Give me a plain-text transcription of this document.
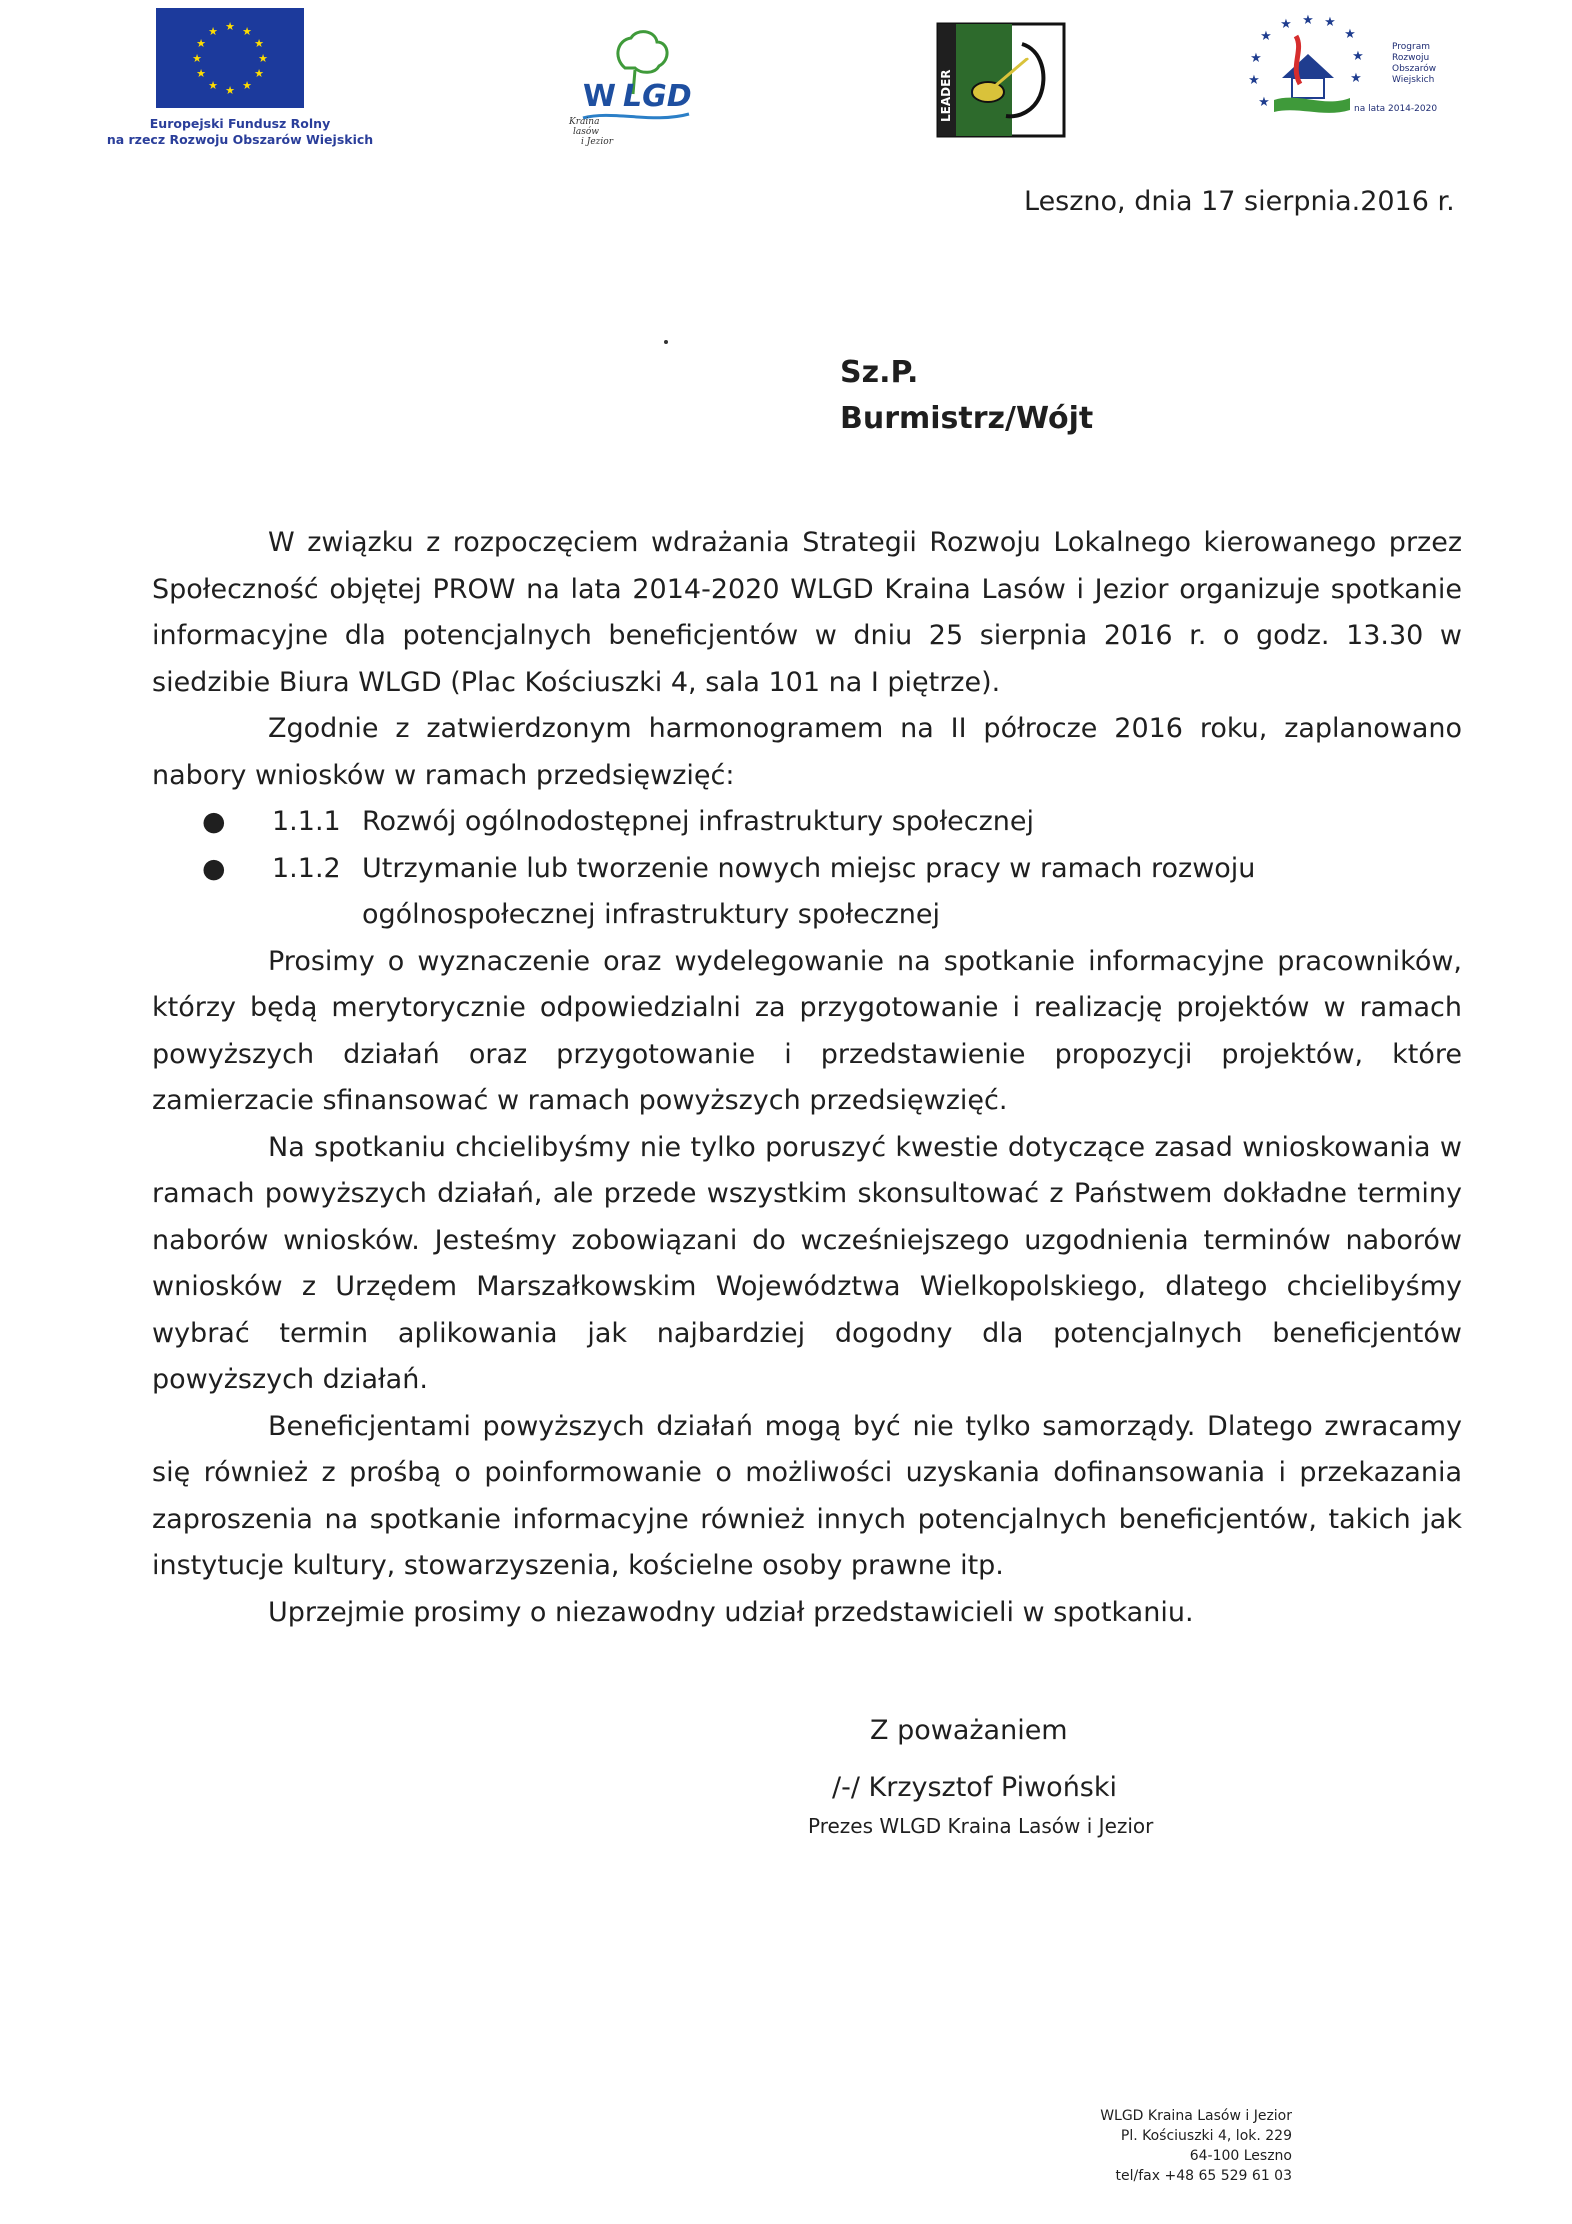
★ ★
★
★
★
★
★
★
★
★
★
★
Europejski Fundusz Rolny
na rzecz Rozwoju Obszarów Wiejskich
W LGD
Kraina
lasów
i Jezior
LEADER
★
★ ★ ★
★
★
★
★
★
★
Program
Rozwoju
Obszarów
Wiejskich
na lata 2014-2020
Leszno, dnia 17 sierpnia.2016 r.
Sz.P.
Burmistrz/Wójt

W związku z rozpoczęciem wdrażania Strategii Rozwoju Lokalnego kierowanego przez Społeczność objętej PROW na lata 2014-2020 WLGD Kraina Lasów i Jezior organizuje spotkanie informacyjne dla potencjalnych beneficjentów w dniu 25 sierpnia 2016 r. o godz. 13.30 w siedzibie Biura WLGD (Plac Kościuszki 4, sala 101 na I piętrze).

Zgodnie z zatwierdzonym harmonogramem na II półrocze 2016 roku, zaplanowano nabory wniosków w ramach przedsięwzięć:

● 1.1.1 Rozwój ogólnodostępnej infrastruktury społecznej
● 1.1.2 Utrzymanie lub tworzenie nowych miejsc pracy w ramach rozwoju
ogólnospołecznej infrastruktury społecznej

Prosimy o wyznaczenie oraz wydelegowanie na spotkanie informacyjne pracowników, którzy będą merytorycznie odpowiedzialni za przygotowanie i realizację projektów w ramach powyższych działań oraz przygotowanie i przedstawienie propozycji projektów, które zamierzacie sfinansować w ramach powyższych przedsięwzięć.

Na spotkaniu chcielibyśmy nie tylko poruszyć kwestie dotyczące zasad wnioskowania w ramach powyższych działań, ale przede wszystkim skonsultować z Państwem dokładne terminy naborów wniosków. Jesteśmy zobowiązani do wcześniejszego uzgodnienia terminów naborów wniosków z Urzędem Marszałkowskim Województwa Wielkopolskiego, dlatego chcielibyśmy wybrać termin aplikowania jak najbardziej dogodny dla potencjalnych beneficjentów powyższych działań.

Beneficjentami powyższych działań mogą być nie tylko samorządy. Dlatego zwracamy się również z prośbą o poinformowanie o możliwości uzyskania dofinansowania i przekazania zaproszenia na spotkanie informacyjne również innych potencjalnych beneficjentów, takich jak instytucje kultury, stowarzyszenia, kościelne osoby prawne itp.

Uprzejmie prosimy o niezawodny udział przedstawicieli w spotkaniu.

Z poważaniem
/-/ Krzysztof Piwoński
Prezes WLGD Kraina Lasów i Jezior
WLGD Kraina Lasów i Jezior
Pl. Kościuszki 4, lok. 229
64-100 Leszno
tel/fax +48 65 529 61 03
